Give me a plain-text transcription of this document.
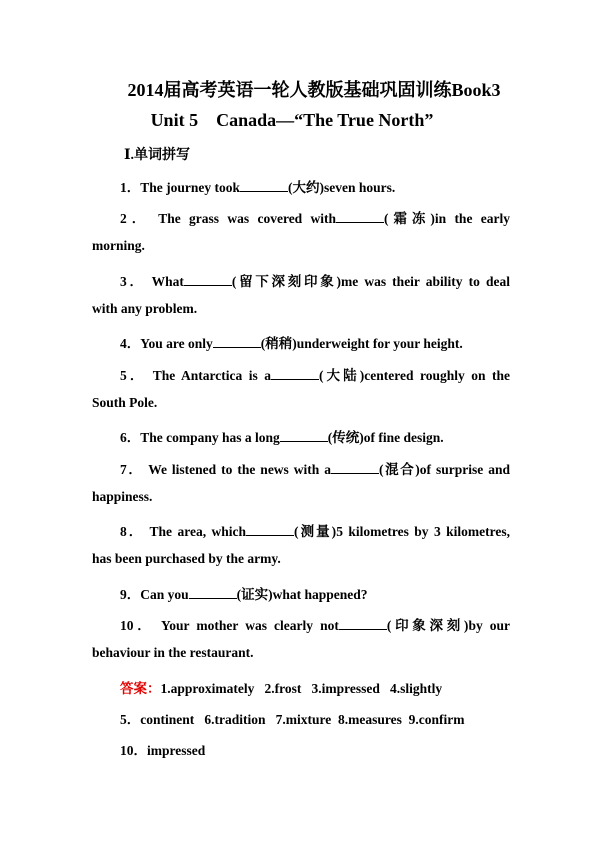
2014届高考英语一轮人教版基础巩固训练Book3
Unit 5　Canada—“The True North”
Ⅰ.单词拼写
1．The journey took	(大约)seven hours.
2． The grass was covered with	(霜冻)in the early
morning.
3． What	(留下深刻印象)me was their ability to deal
with any problem.
4．You are only	(稍稍)underweight for your height.
5． The Antarctica is a	(大陆)centered roughly on the
South Pole.
6．The company has a long	(传统)of fine design.
7． We listened to the news with a	(混合)of surprise and
happiness.
8． The area, which	(测量)5 kilometres by 3 kilometres,
has been purchased by the army.
9．Can you	(证实)what happened?
10． Your mother was clearly not	(印象深刻)by our
behaviour in the restaurant.
答案：1.approximately 2.frost 3.impressed 4.slightly
5．continent 6.tradition 7.mixture 8.measures 9.confirm
10．impressed
